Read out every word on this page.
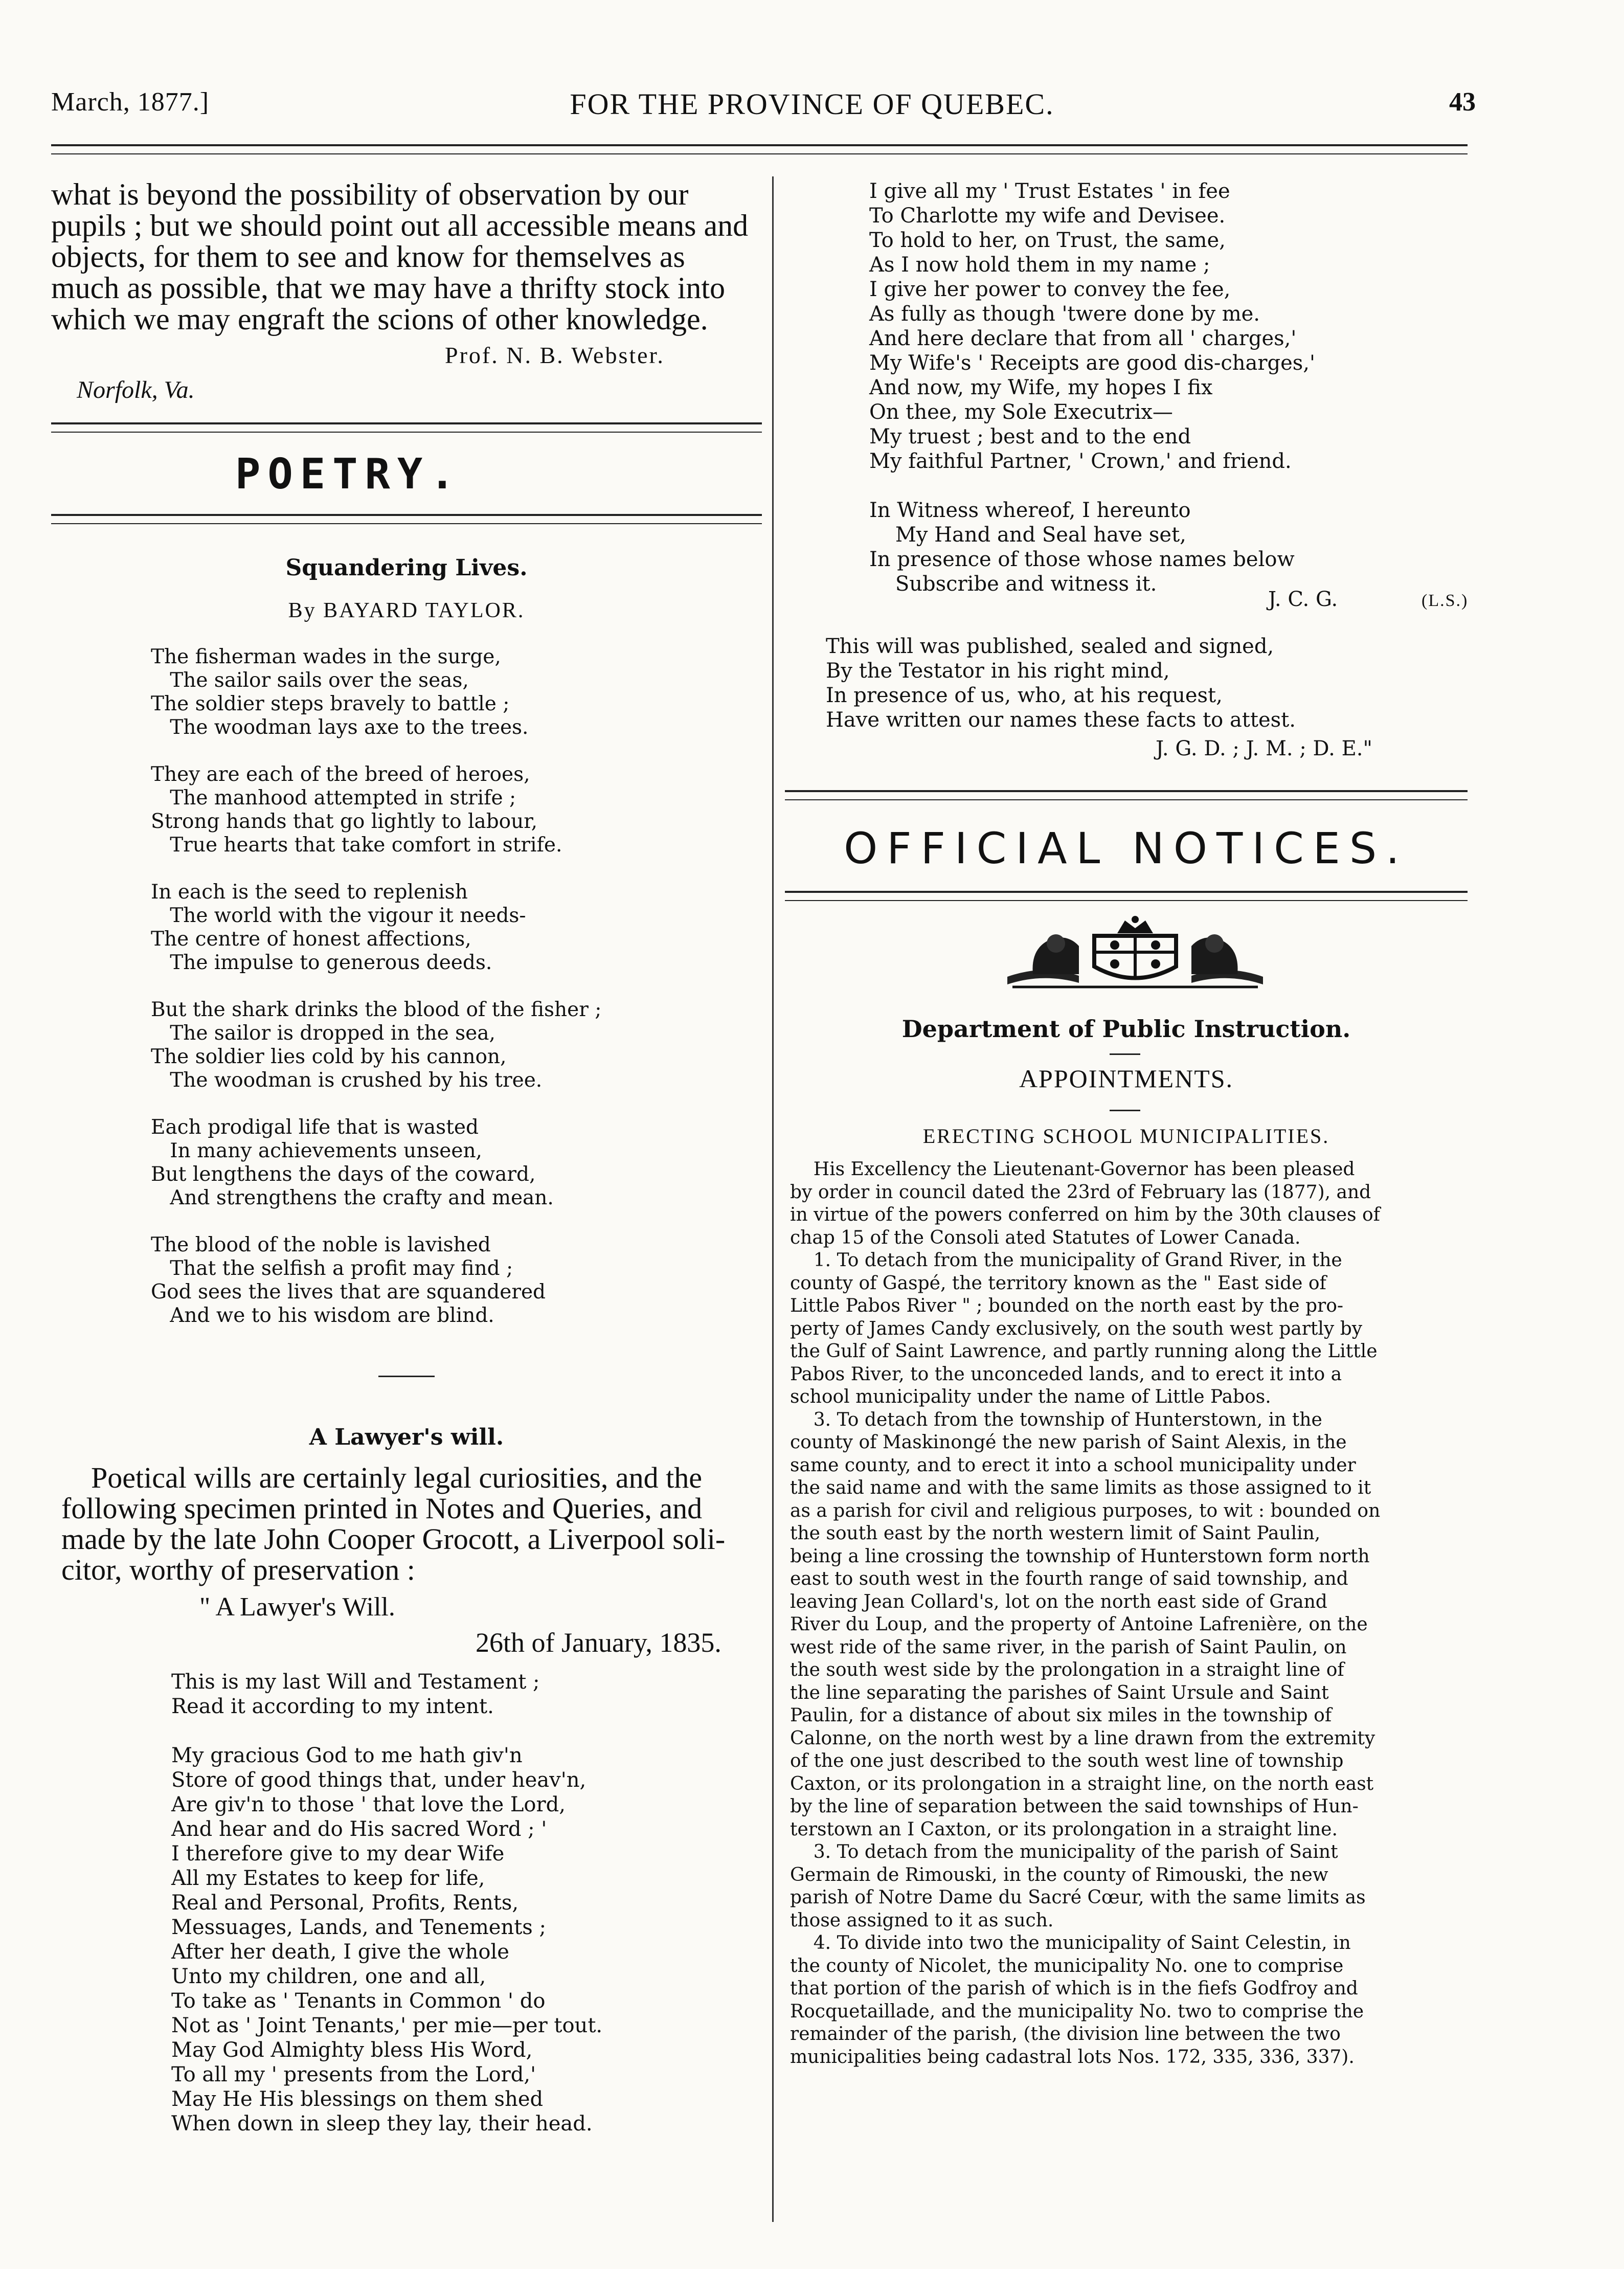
March, 1877.]	FOR THE PROVINCE OF QUEBEC.	43
what is beyond the possibility of observation by our
pupils ; but we should point out all accessible means and
objects, for them to see and know for themselves as
much as possible, that we may have a thrifty stock into
which we may engraft the scions of other knowledge.
Prof. N. B. Webster.
Norfolk, Va.
POETRY.
Squandering Lives.
By BAYARD TAYLOR.
The fisherman wades in the surge,
The sailor sails over the seas,
The soldier steps bravely to battle ;
The woodman lays axe to the trees.

They are each of the breed of heroes,
The manhood attempted in strife ;
Strong hands that go lightly to labour,
True hearts that take comfort in strife.

In each is the seed to replenish
The world with the vigour it needs-
The centre of honest affections,
The impulse to generous deeds.

But the shark drinks the blood of the fisher ;
The sailor is dropped in the sea,
The soldier lies cold by his cannon,
The woodman is crushed by his tree.

Each prodigal life that is wasted
In many achievements unseen,
But lengthens the days of the coward,
And strengthens the crafty and mean.

The blood of the noble is lavished
That the selfish a profit may find ;
God sees the lives that are squandered
And we to his wisdom are blind.
A Lawyer's will.
Poetical wills are certainly legal curiosities, and the
following specimen printed in Notes and Queries, and
made by the late John Cooper Grocott, a Liverpool soli-
citor, worthy of preservation :
" A Lawyer's Will.
26th of January, 1835.
This is my last Will and Testament ;
Read it according to my intent.

My gracious God to me hath giv'n
Store of good things that, under heav'n,
Are giv'n to those ' that love the Lord,
And hear and do His sacred Word ; '
I therefore give to my dear Wife
All my Estates to keep for life,
Real and Personal, Profits, Rents,
Messuages, Lands, and Tenements ;
After her death, I give the whole
Unto my children, one and all,
To take as ' Tenants in Common ' do
Not as ' Joint Tenants,' per mie—per tout.
May God Almighty bless His Word,
To all my ' presents from the Lord,'
May He His blessings on them shed
When down in sleep they lay, their head.
I give all my ' Trust Estates ' in fee
To Charlotte my wife and Devisee.
To hold to her, on Trust, the same,
As I now hold them in my name ;
I give her power to convey the fee,
As fully as though 'twere done by me.
And here declare that from all ' charges,'
My Wife's ' Receipts are good dis-charges,'
And now, my Wife, my hopes I fix
On thee, my Sole Executrix—
My truest ; best and to the end
My faithful Partner, ' Crown,' and friend.

In Witness whereof, I hereunto
My Hand and Seal have set,
In presence of those whose names below
Subscribe and witness it.
J. C. G.	(L.S.)
This will was published, sealed and signed,
By the Testator in his right mind,
In presence of us, who, at his request,
Have written our names these facts to attest.
J. G. D. ; J. M. ; D. E."
OFFICIAL NOTICES.
Department of Public Instruction.
APPOINTMENTS.
ERECTING SCHOOL MUNICIPALITIES.
His Excellency the Lieutenant-Governor has been pleased
by order in council dated the 23rd of February las (1877), and
in virtue of the powers conferred on him by the 30th clauses of
chap 15 of the Consoli ated Statutes of Lower Canada.
1. To detach from the municipality of Grand River, in the
county of Gaspé, the territory known as the " East side of
Little Pabos River " ; bounded on the north east by the pro-
perty of James Candy exclusively, on the south west partly by
the Gulf of Saint Lawrence, and partly running along the Little
Pabos River, to the unconceded lands, and to erect it into a
school municipality under the name of Little Pabos.
3. To detach from the township of Hunterstown, in the
county of Maskinongé the new parish of Saint Alexis, in the
same county, and to erect it into a school municipality under
the said name and with the same limits as those assigned to it
as a parish for civil and religious purposes, to wit : bounded on
the south east by the north western limit of Saint Paulin,
being a line crossing the township of Hunterstown form north
east to south west in the fourth range of said township, and
leaving Jean Collard's, lot on the north east side of Grand
River du Loup, and the property of Antoine Lafrenière, on the
west ride of the same river, in the parish of Saint Paulin, on
the south west side by the prolongation in a straight line of
the line separating the parishes of Saint Ursule and Saint
Paulin, for a distance of about six miles in the township of
Calonne, on the north west by a line drawn from the extremity
of the one just described to the south west line of township
Caxton, or its prolongation in a straight line, on the north east
by the line of separation between the said townships of Hun-
terstown an I Caxton, or its prolongation in a straight line.
3. To detach from the municipality of the parish of Saint
Germain de Rimouski, in the county of Rimouski, the new
parish of Notre Dame du Sacré Cœur, with the same limits as
those assigned to it as such.
4. To divide into two the municipality of Saint Celestin, in
the county of Nicolet, the municipality No. one to comprise
that portion of the parish of which is in the fiefs Godfroy and
Rocquetaillade, and the municipality No. two to comprise the
remainder of the parish, (the division line between the two
municipalities being cadastral lots Nos. 172, 335, 336, 337).
